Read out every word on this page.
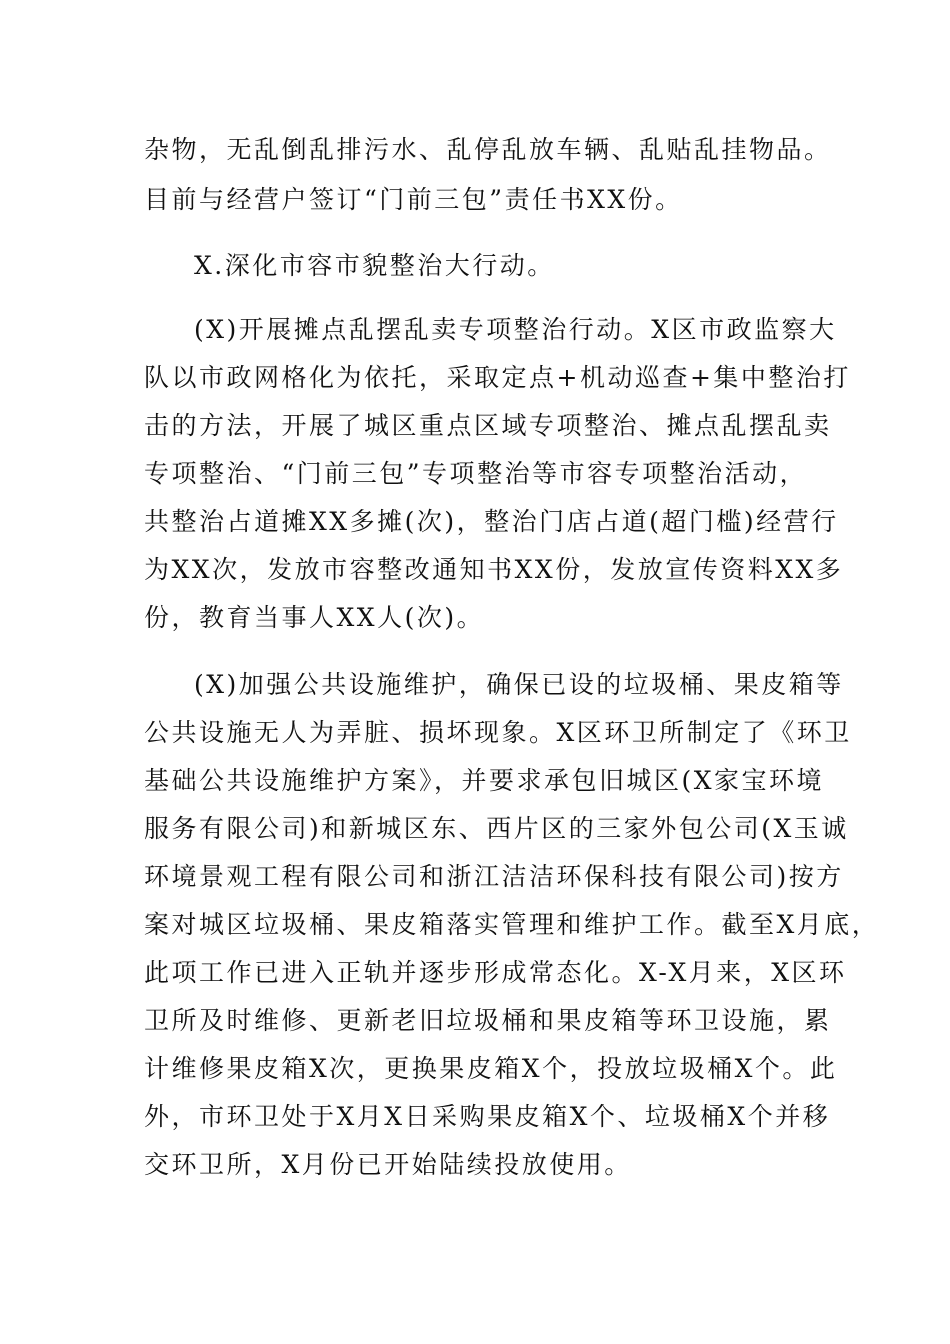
杂物，无乱倒乱排污水、乱停乱放车辆、乱贴乱挂物品。
目前与经营户签订“门前三包”责任书XX份。
X.深化市容市貌整治大行动。
(X)开展摊点乱摆乱卖专项整治行动。X区市政监察大
队以市政网格化为依托，采取定点+机动巡查+集中整治打
击的方法，开展了城区重点区域专项整治、摊点乱摆乱卖
专项整治、“门前三包”专项整治等市容专项整治活动，
共整治占道摊XX多摊(次)，整治门店占道(超门槛)经营行
为XX次，发放市容整改通知书XX份，发放宣传资料XX多
份，教育当事人XX人(次)。
(X)加强公共设施维护，确保已设的垃圾桶、果皮箱等
公共设施无人为弄脏、损坏现象。X区环卫所制定了《环卫
基础公共设施维护方案》，并要求承包旧城区(X家宝环境
服务有限公司)和新城区东、西片区的三家外包公司(X玉诚
环境景观工程有限公司和浙江洁洁环保科技有限公司)按方
案对城区垃圾桶、果皮箱落实管理和维护工作。截至X月底，
此项工作已进入正轨并逐步形成常态化。X-X月来，X区环
卫所及时维修、更新老旧垃圾桶和果皮箱等环卫设施，累
计维修果皮箱X次，更换果皮箱X个，投放垃圾桶X个。此
外，市环卫处于X月X日采购果皮箱X个、垃圾桶X个并移
交环卫所，X月份已开始陆续投放使用。
